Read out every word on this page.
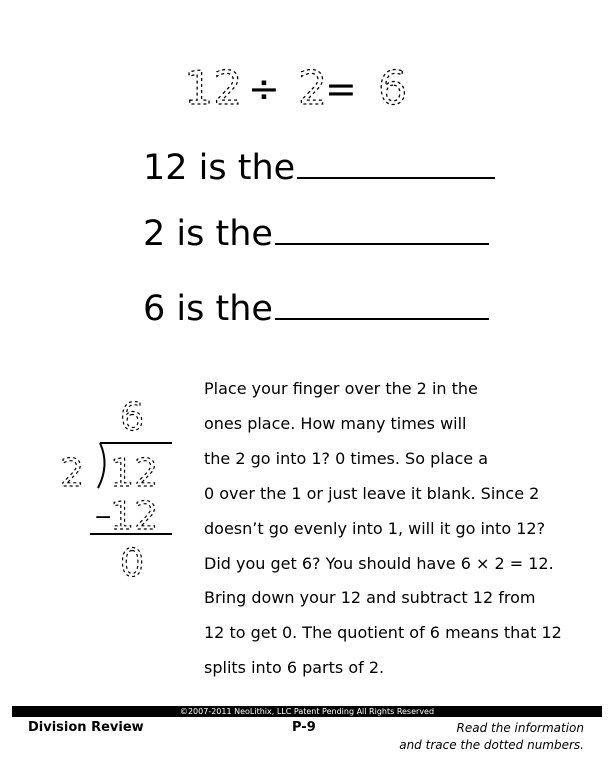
12 ÷ 2
= 6
12 is the
2 is the
6 is the
6
2 12
−
12
0

Place your finger over the 2 in the

ones place. How many times will

the 2 go into 1? 0 times. So place a

0 over the 1 or just leave it blank. Since 2

doesn’t go evenly into 1, will it go into 12?

Did you get 6? You should have 6 × 2 = 12.

Bring down your 12 and subtract 12 from

12 to get 0. The quotient of 6 means that 12

splits into 6 parts of 2.

©2007-2011 NeoLithix, LLC Patent Pending All Rights Reserved
Division Review	P-9	Read the information
and trace the dotted numbers.
